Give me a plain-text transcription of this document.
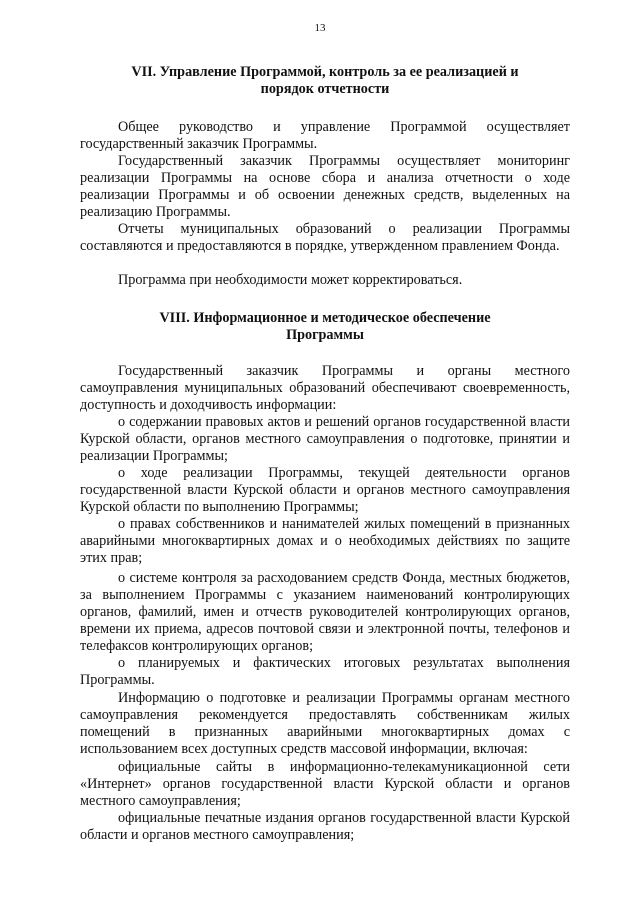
13
VII. Управление Программой, контроль за ее реализацией и
порядок отчетности

Общее руководство и управление Программой осуществляет государственный заказчик Программы.

Государственный заказчик Программы осуществляет мониторинг реализации Программы на основе сбора и анализа отчетности о ходе реализации Программы и об освоении денежных средств, выделенных на реализацию Программы.

Отчеты муниципальных образований о реализации Программы составляются и предоставляются в порядке, утвержденном правлением Фонда.

Программа при необходимости может корректироваться.

VIII. Информационное и методическое обеспечение
Программы

Государственный заказчик Программы и органы местного самоуправления муниципальных образований обеспечивают своевременность, доступность и доходчивость информации:

о содержании правовых актов и решений органов государственной власти Курской области, органов местного самоуправления о подготовке, принятии и реализации Программы;

о ходе реализации Программы, текущей деятельности органов государственной власти Курской области и органов местного самоуправления Курской области по выполнению Программы;

о правах собственников и нанимателей жилых помещений в признанных аварийными многоквартирных домах и о необходимых действиях по защите этих прав;

о системе контроля за расходованием средств Фонда, местных бюджетов, за выполнением Программы с указанием наименований контролирующих органов, фамилий, имен и отчеств руководителей контролирующих органов, времени их приема, адресов почтовой связи и электронной почты, телефонов и телефаксов контролирующих органов;

о планируемых и фактических итоговых результатах выполнения Программы.

Информацию о подготовке и реализации Программы органам местного самоуправления рекомендуется предоставлять собственникам жилых помещений в признанных аварийными многоквартирных домах с использованием всех доступных средств массовой информации, включая:

официальные сайты в информационно-телекамуникационной сети «Интернет» органов государственной власти Курской области и органов местного самоуправления;

официальные печатные издания органов государственной власти Курской области и органов местного самоуправления;
